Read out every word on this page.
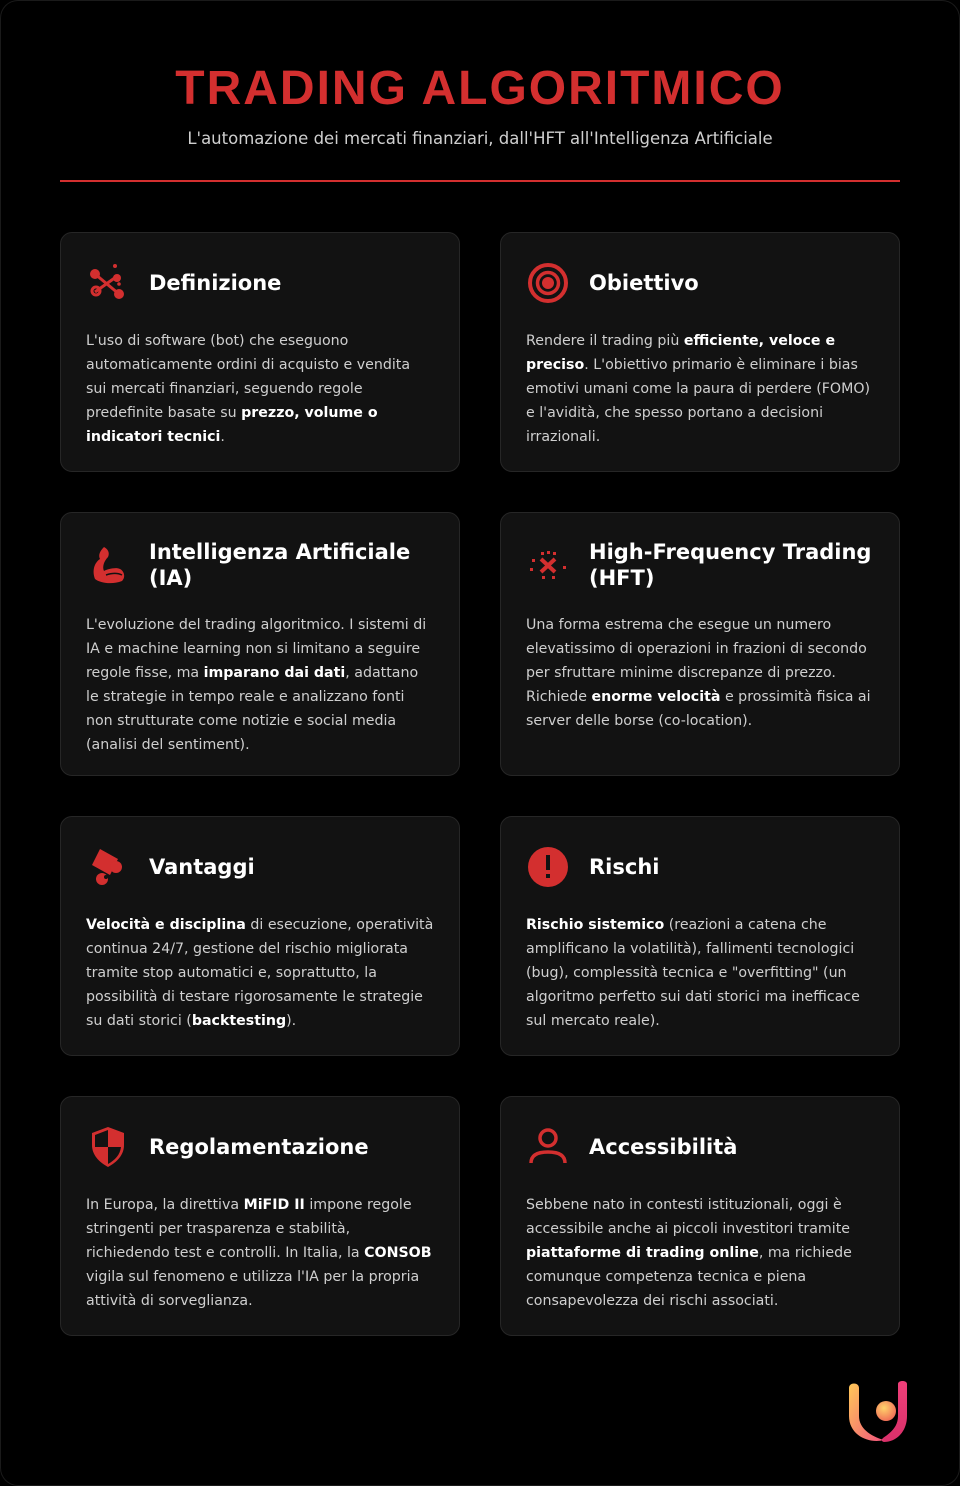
TRADING ALGORITMICO
L'automazione dei mercati finanziari, dall'HFT all'Intelligenza Artificiale
Definizione
L'uso di software (bot) che eseguono automaticamente ordini di acquisto e vendita sui mercati finanziari, seguendo regole predefinite basate su prezzo, volume o indicatori tecnici.
Obiettivo
Rendere il trading più efficiente, veloce e preciso. L'obiettivo primario è eliminare i bias emotivi umani come la paura di perdere (FOMO) e l'avidità, che spesso portano a decisioni irrazionali.
Intelligenza Artificiale (IA)
L'evoluzione del trading algoritmico. I sistemi di IA e machine learning non si limitano a seguire regole fisse, ma imparano dai dati, adattano le strategie in tempo reale e analizzano fonti non strutturate come notizie e social media (analisi del sentiment).
High-Frequency Trading (HFT)
Una forma estrema che esegue un numero elevatissimo di operazioni in frazioni di secondo per sfruttare minime discrepanze di prezzo. Richiede enorme velocità e prossimità fisica ai server delle borse (co-location).
Vantaggi
Velocità e disciplina di esecuzione, operatività continua 24/7, gestione del rischio migliorata tramite stop automatici e, soprattutto, la possibilità di testare rigorosamente le strategie su dati storici (backtesting).
Rischi
Rischio sistemico (reazioni a catena che amplificano la volatilità), fallimenti tecnologici (bug), complessità tecnica e "overfitting" (un algoritmo perfetto sui dati storici ma inefficace sul mercato reale).
Regolamentazione
In Europa, la direttiva MiFID II impone regole stringenti per trasparenza e stabilità, richiedendo test e controlli. In Italia, la CONSOB vigila sul fenomeno e utilizza l'IA per la propria attività di sorveglianza.
Accessibilità
Sebbene nato in contesti istituzionali, oggi è accessibile anche ai piccoli investitori tramite piattaforme di trading online, ma richiede comunque competenza tecnica e piena consapevolezza dei rischi associati.
